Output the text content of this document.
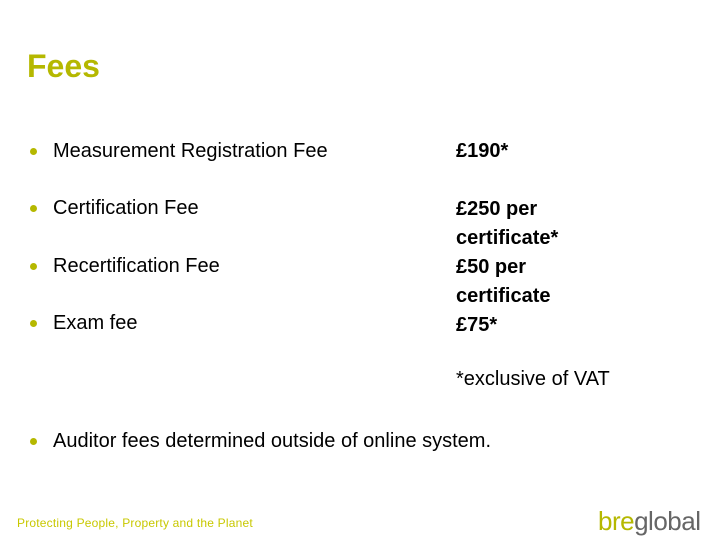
Fees
Measurement Registration Fee
Certification Fee
Recertification Fee
Exam fee
£190*
£250 per
certificate*
£50 per
certificate
£75*
*exclusive of VAT
Auditor fees determined outside of online system.
Protecting People, Property and the Planet	breglobal
